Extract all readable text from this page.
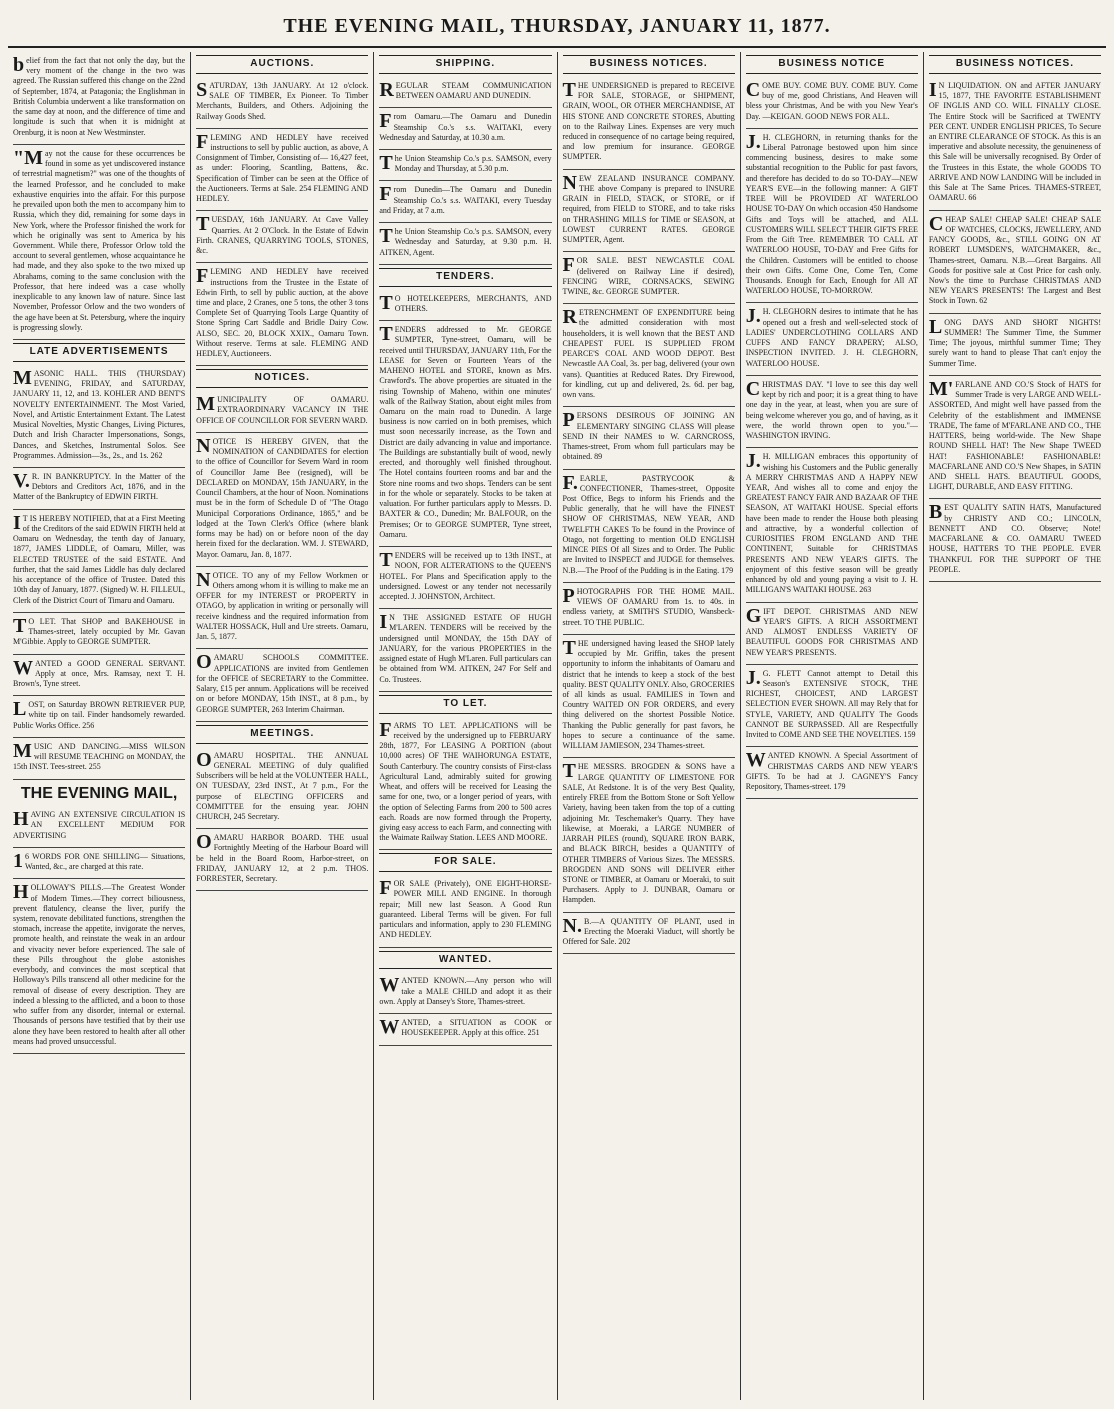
THE EVENING MAIL, THURSDAY, JANUARY 11, 1877.

belief from the fact that not only the day, but the very moment of the change in the two was agreed. The Russian suffered this change on the 22nd of September, 1874, at Patagonia; the Englishman in British Columbia underwent a like transformation on the same day at noon, and the difference of time and longitude is such that when it is midnight at Orenburg, it is noon at New Westminster.

"May not the cause for these occurrences be found in some as yet undiscovered instance of terrestrial magnetism?" was one of the thoughts of the learned Professor, and he concluded to make exhaustive enquiries into the affair. For this purpose he prevailed upon both the men to accompany him to Russia, which they did, remaining for some days in New York, where the Professor finished the work for which he originally was sent to America by his Government. While there, Professor Orlow told the account to several gentlemen, whose acquaintance he had made, and they also spoke to the two mixed up Abrahams, coming to the same conclusion with the Professor, that here indeed was a case wholly inexplicable to any known law of nature. Since last November, Professor Orlow and the two wonders of the age have been at St. Petersburg, where the inquiry is progressing slowly.

LATE ADVERTISEMENTS

MASONIC HALL. THIS (THURSDAY) EVENING, FRIDAY, and SATURDAY, JANUARY 11, 12, and 13. KOHLER AND BENT'S NOVELTY ENTERTAINMENT. The Most Varied, Novel, and Artistic Entertainment Extant. The Latest Musical Novelties, Mystic Changes, Living Pictures, Dutch and Irish Character Impersonations, Songs, Dances, and Sketches, Instrumental Solos. See Programmes. Admission—3s., 2s., and 1s. 262

V.R. IN BANKRUPTCY. In the Matter of the Debtors and Creditors Act, 1876, and in the Matter of the Bankruptcy of EDWIN FIRTH.

IT IS HEREBY NOTIFIED, that at a First Meeting of the Creditors of the said EDWIN FIRTH held at Oamaru on Wednesday, the tenth day of January, 1877, JAMES LIDDLE, of Oamaru, Miller, was ELECTED TRUSTEE of the said ESTATE. And further, that the said James Liddle has duly declared his acceptance of the office of Trustee. Dated this 10th day of January, 1877. (Signed) W. H. FILLEUL, Clerk of the District Court of Timaru and Oamaru.

TO LET. That SHOP and BAKEHOUSE in Thames-street, lately occupied by Mr. Gavan M'Gibbie. Apply to GEORGE SUMPTER.

WANTED a GOOD GENERAL SERVANT. Apply at once, Mrs. Ramsay, next T. H. Brown's, Tyne street.

LOST, on Saturday BROWN RETRIEVER PUP, white tip on tail. Finder handsomely rewarded. Public Works Office. 256

MUSIC AND DANCING.—MISS WILSON will RESUME TEACHING on MONDAY, the 15th INST. Tees-street. 255

THE EVENING MAIL,

HAVING AN EXTENSIVE CIRCULATION IS AN EXCELLENT MEDIUM FOR ADVERTISING

16 WORDS FOR ONE SHILLING— Situations, Wanted, &c., are charged at this rate.

HOLLOWAY'S PILLS.—The Greatest Wonder of Modern Times.—They correct biliousness, prevent flatulency, cleanse the liver, purify the system, renovate debilitated functions, strengthen the stomach, increase the appetite, invigorate the nerves, promote health, and reinstate the weak in an ardour and vivacity never before experienced. The sale of these Pills throughout the globe astonishes everybody, and convinces the most sceptical that Holloway's Pills transcend all other medicine for the removal of disease of every description. They are indeed a blessing to the afflicted, and a boon to those who suffer from any disorder, internal or external. Thousands of persons have testified that by their use alone they have been restored to health after all other means had proved unsuccessful.

AUCTIONS.

SATURDAY, 13th JANUARY. At 12 o'clock. SALE OF TIMBER, Ex Pioneer. To Timber Merchants, Builders, and Others. Adjoining the Railway Goods Shed.

FLEMING AND HEDLEY have received instructions to sell by public auction, as above, A Consignment of Timber, Consisting of— 16,427 feet, as under: Flooring, Scantling, Battens, &c. Specification of Timber can be seen at the Office of the Auctioneers. Terms at Sale. 254 FLEMING AND HEDLEY.

TUESDAY, 16th JANUARY. At Cave Valley Quarries. At 2 O'Clock. In the Estate of Edwin Firth. CRANES, QUARRYING TOOLS, STONES, &c.

FLEMING AND HEDLEY have received instructions from the Trustee in the Estate of Edwin Firth, to sell by public auction, at the above time and place, 2 Cranes, one 5 tons, the other 3 tons Complete Set of Quarrying Tools Large Quantity of Stone Spring Cart Saddle and Bridle Dairy Cow. ALSO, SEC. 20, BLOCK XXIX., Oamaru Town. Without reserve. Terms at sale. FLEMING AND HEDLEY, Auctioneers.

NOTICES.

MUNICIPALITY OF OAMARU. EXTRAORDINARY VACANCY IN THE OFFICE OF COUNCILLOR FOR SEVERN WARD.

NOTICE IS HEREBY GIVEN, that the NOMINATION of CANDIDATES for election to the office of Councillor for Severn Ward in room of Councillor Jame Bee (resigned), will be DECLARED on MONDAY, 15th JANUARY, in the Council Chambers, at the hour of Noon. Nominations must be in the form of Schedule D of "The Otago Municipal Corporations Ordinance, 1865," and be lodged at the Town Clerk's Office (where blank forms may be had) on or before noon of the day herein fixed for the declaration. WM. J. STEWARD, Mayor. Oamaru, Jan. 8, 1877.

NOTICE. TO any of my Fellow Workmen or Others among whom it is willing to make me an OFFER for my INTEREST or PROPERTY in OTAGO, by application in writing or personally will receive kindness and the required information from WALTER HOSSACK, Hull and Ure streets. Oamaru, Jan. 5, 1877.

OAMARU SCHOOLS COMMITTEE. APPLICATIONS are invited from Gentlemen for the OFFICE of SECRETARY to the Committee. Salary, £15 per annum. Applications will be received on or before MONDAY, 15th INST., at 8 p.m., by GEORGE SUMPTER, 263 Interim Chairman.

MEETINGS.

OAMARU HOSPITAL. THE ANNUAL GENERAL MEETING of duly qualified Subscribers will be held at the VOLUNTEER HALL, ON TUESDAY, 23rd INST., At 7 p.m., For the purpose of ELECTING OFFICERS and COMMITTEE for the ensuing year. JOHN CHURCH, 245 Secretary.

OAMARU HARBOR BOARD. THE usual Fortnightly Meeting of the Harbour Board will be held in the Board Room, Harbor-street, on FRIDAY, JANUARY 12, at 2 p.m. THOS. FORRESTER, Secretary.

SHIPPING.

REGULAR STEAM COMMUNICATION BETWEEN OAMARU AND DUNEDIN.

From Oamaru.—The Oamaru and Dunedin Steamship Co.'s s.s. WAITAKI, every Wednesday and Saturday, at 10.30 a.m.

The Union Steamship Co.'s p.s. SAMSON, every Monday and Thursday, at 5.30 p.m.

From Dunedin—The Oamaru and Dunedin Steamship Co.'s s.s. WAITAKI, every Tuesday and Friday, at 7 a.m.

The Union Steamship Co.'s p.s. SAMSON, every Wednesday and Saturday, at 9.30 p.m. H. AITKEN, Agent.

TENDERS.

TO HOTELKEEPERS, MERCHANTS, AND OTHERS.

TENDERS addressed to Mr. GEORGE SUMPTER, Tyne-street, Oamaru, will be received until THURSDAY, JANUARY 11th, For the LEASE for Seven or Fourteen Years of the MAHENO HOTEL and STORE, known as Mrs. Crawford's. The above properties are situated in the rising Township of Maheno, within one minutes' walk of the Railway Station, about eight miles from Oamaru on the main road to Dunedin. A large business is now carried on in both premises, which must soon necessarily increase, as the Town and District are daily advancing in value and importance. The Buildings are substantially built of wood, newly erected, and thoroughly well finished throughout. The Hotel contains fourteen rooms and bar and the Store nine rooms and two shops. Tenders can be sent in for the whole or separately. Stocks to be taken at valuation. For further particulars apply to Messrs. D. BAXTER & CO., Dunedin; Mr. BALFOUR, on the Premises; Or to GEORGE SUMPTER, Tyne street, Oamaru.

TENDERS will be received up to 13th INST., at NOON, FOR ALTERATIONS to the QUEEN'S HOTEL. For Plans and Specification apply to the undersigned. Lowest or any tender not necessarily accepted. J. JOHNSTON, Architect.

IN THE ASSIGNED ESTATE OF HUGH M'LAREN. TENDERS will be received by the undersigned until MONDAY, the 15th DAY of JANUARY, for the various PROPERTIES in the assigned estate of Hugh M'Laren. Full particulars can be obtained from WM. AITKEN, 247 For Self and Co. Trustees.

TO LET.

FARMS TO LET. APPLICATIONS will be received by the undersigned up to FEBRUARY 28th, 1877, For LEASING A PORTION (about 10,000 acres) OF THE WAIHORUNGA ESTATE, South Canterbury. The country consists of First-class Agricultural Land, admirably suited for growing Wheat, and offers will be received for Leasing the same for one, two, or a longer period of years, with the option of Selecting Farms from 200 to 500 acres each. Roads are now formed through the Property, giving easy access to each Farm, and connecting with the Waimate Railway Station. LEES AND MOORE.

FOR SALE.

FOR SALE (Privately), ONE EIGHT-HORSE-POWER MILL AND ENGINE. In thorough repair; Mill new last Season. A Good Run guaranteed. Liberal Terms will be given. For full particulars and information, apply to 230 FLEMING AND HEDLEY.

WANTED.

WANTED KNOWN.—Any person who will take a MALE CHILD and adopt it as their own. Apply at Dansey's Store, Thames-street.

WANTED, a SITUATION as COOK or HOUSEKEEPER. Apply at this office. 251

BUSINESS NOTICES.

THE UNDERSIGNED is prepared to RECEIVE FOR SALE, STORAGE, or SHIPMENT, GRAIN, WOOL, OR OTHER MERCHANDISE, AT HIS STONE AND CONCRETE STORES, Abutting on to the Railway Lines. Expenses are very much reduced in consequence of no cartage being required, and low premium for insurance. GEORGE SUMPTER.

NEW ZEALAND INSURANCE COMPANY. THE above Company is prepared to INSURE GRAIN in FIELD, STACK, or STORE, or if required, from FIELD to STORE, and to take risks on THRASHING MILLS for TIME or SEASON, at LOWEST CURRENT RATES. GEORGE SUMPTER, Agent.

FOR SALE. BEST NEWCASTLE COAL (delivered on Railway Line if desired), FENCING WIRE, CORNSACKS, SEWING TWINE, &c. GEORGE SUMPTER.

RETRENCHMENT OF EXPENDITURE being the admitted consideration with most householders, it is well known that the BEST AND CHEAPEST FUEL IS SUPPLIED FROM PEARCE'S COAL AND WOOD DEPOT. Best Newcastle AA Coal, 3s. per bag, delivered (your own vans). Quantities at Reduced Rates. Dry Firewood, for kindling, cut up and delivered, 2s. 6d. per bag, own vans.

PERSONS DESIROUS OF JOINING AN ELEMENTARY SINGING CLASS Will please SEND IN their NAMES to W. CARNCROSS, Thames-street, From whom full particulars may be obtained. 89

F.EARLE, PASTRYCOOK & CONFECTIONER, Thames-street, Opposite Post Office, Begs to inform his Friends and the Public generally, that he will have the FINEST SHOW OF CHRISTMAS, NEW YEAR, AND TWELFTH CAKES To be found in the Province of Otago, not forgetting to mention OLD ENGLISH MINCE PIES Of all Sizes and to Order. The Public are Invited to INSPECT and JUDGE for themselves. N.B.—The Proof of the Pudding is in the Eating. 179

PHOTOGRAPHS FOR THE HOME MAIL. VIEWS OF OAMARU from 1s. to 40s. in endless variety, at SMITH'S STUDIO, Wansbeck-street. TO THE PUBLIC.

THE undersigned having leased the SHOP lately occupied by Mr. Griffin, takes the present opportunity to inform the inhabitants of Oamaru and district that he intends to keep a stock of the best quality. BEST QUALITY ONLY. Also, GROCERIES of all kinds as usual. FAMILIES in Town and Country WAITED ON FOR ORDERS, and every thing delivered on the shortest Possible Notice. Thanking the Public generally for past favors, he hopes to secure a continuance of the same. WILLIAM JAMIESON, 234 Thames-street.

THE MESSRS. BROGDEN & SONS have a LARGE QUANTITY OF LIMESTONE FOR SALE, At Redstone. It is of the very Best Quality, entirely FREE from the Bottom Stone or Soft Yellow Variety, having been taken from the top of a cutting adjoining Mr. Teschemaker's Quarry. They have likewise, at Moeraki, a LARGE NUMBER of JARRAH PILES (round), SQUARE IRON BARK, and BLACK BIRCH, besides a QUANTITY of OTHER TIMBERS of Various Sizes. The MESSRS. BROGDEN AND SONS will DELIVER either STONE or TIMBER, at Oamaru or Moeraki, to suit Purchasers. Apply to J. DUNBAR, Oamaru or Hampden.

N.B.—A QUANTITY OF PLANT, used in Erecting the Moeraki Viaduct, will shortly be Offered for Sale. 202

BUSINESS NOTICE

COME BUY. COME BUY. COME BUY. Come buy of me, good Christians, And Heaven will bless your Christmas, And be with you New Year's Day. —KEIGAN. GOOD NEWS FOR ALL.

J.H. CLEGHORN, in returning thanks for the Liberal Patronage bestowed upon him since commencing business, desires to make some substantial recognition to the Public for past favors, and therefore has decided to do so TO-DAY—NEW YEAR'S EVE—in the following manner: A GIFT TREE Will be PROVIDED AT WATERLOO HOUSE TO-DAY On which occasion 450 Handsome Gifts and Toys will be attached, and ALL CUSTOMERS WILL SELECT THEIR GIFTS FREE From the Gift Tree. REMEMBER TO CALL AT WATERLOO HOUSE, TO-DAY and Free Gifts for the Children. Customers will be entitled to choose their own Gifts. Come One, Come Ten, Come Thousands. Enough for Each, Enough for All AT WATERLOO HOUSE, TO-MORROW.

J.H. CLEGHORN desires to intimate that he has opened out a fresh and well-selected stock of LADIES' UNDERCLOTHING COLLARS AND CUFFS AND FANCY DRAPERY; ALSO, INSPECTION INVITED. J. H. CLEGHORN, WATERLOO HOUSE.

CHRISTMAS DAY. "I love to see this day well kept by rich and poor; it is a great thing to have one day in the year, at least, when you are sure of being welcome wherever you go, and of having, as it were, the world thrown open to you."—WASHINGTON IRVING.

J.H. MILLIGAN embraces this opportunity of wishing his Customers and the Public generally A MERRY CHRISTMAS AND A HAPPY NEW YEAR, And wishes all to come and enjoy the GREATEST FANCY FAIR AND BAZAAR OF THE SEASON, AT WAITAKI HOUSE. Special efforts have been made to render the House both pleasing and attractive, by a wonderful collection of CURIOSITIES FROM ENGLAND AND THE CONTINENT, Suitable for CHRISTMAS PRESENTS AND NEW YEAR'S GIFTS. The enjoyment of this festive season will be greatly enhanced by old and young paying a visit to J. H. MILLIGAN'S WAITAKI HOUSE. 263

GIFT DEPOT. CHRISTMAS AND NEW YEAR'S GIFTS. A RICH ASSORTMENT AND ALMOST ENDLESS VARIETY OF BEAUTIFUL GOODS FOR CHRISTMAS AND NEW YEAR'S PRESENTS.

J.G. FLETT Cannot attempt to Detail this Season's EXTENSIVE STOCK, THE RICHEST, CHOICEST, AND LARGEST SELECTION EVER SHOWN. All may Rely that for STYLE, VARIETY, AND QUALITY The Goods CANNOT BE SURPASSED. All are Respectfully Invited to COME AND SEE THE NOVELTIES. 159

WANTED KNOWN. A Special Assortment of CHRISTMAS CARDS AND NEW YEAR'S GIFTS. To be had at J. CAGNEY'S Fancy Repository, Thames-street. 179

BUSINESS NOTICES.

IN LIQUIDATION. ON and AFTER JANUARY 15, 1877, THE FAVORITE ESTABLISHMENT OF INGLIS AND CO. WILL FINALLY CLOSE. The Entire Stock will be Sacrificed at TWENTY PER CENT. UNDER ENGLISH PRICES, To Secure an ENTIRE CLEARANCE OF STOCK. As this is an imperative and absolute necessity, the genuineness of this Sale will be universally recognised. By Order of the Trustees in this Estate, the whole GOODS TO ARRIVE AND NOW LANDING Will be included in this Sale at The Same Prices. THAMES-STREET, OAMARU. 66

CHEAP SALE! CHEAP SALE! CHEAP SALE OF WATCHES, CLOCKS, JEWELLERY, AND FANCY GOODS, &c., STILL GOING ON AT ROBERT LUMSDEN'S, WATCHMAKER, &c., Thames-street, Oamaru. N.B.—Great Bargains. All Goods for positive sale at Cost Price for cash only. Now's the time to Purchase CHRISTMAS AND NEW YEAR'S PRESENTS! The Largest and Best Stock in Town. 62

LONG DAYS AND SHORT NIGHTS! SUMMER! The Summer Time, the Summer Time; The joyous, mirthful summer Time; They surely want to hand to please That can't enjoy the Summer Time.

M'FARLANE AND CO.'S Stock of HATS for Summer Trade is very LARGE AND WELL-ASSORTED, And might well have passed from the Celebrity of the establishment and IMMENSE TRADE, The fame of M'FARLANE AND CO., THE HATTERS, being world-wide. The New Shape ROUND SHELL HAT! The New Shape TWEED HAT! FASHIONABLE! FASHIONABLE! MACFARLANE AND CO.'S New Shapes, in SATIN AND SHELL HATS. BEAUTIFUL GOODS, LIGHT, DURABLE, AND EASY FITTING.

BEST QUALITY SATIN HATS, Manufactured by CHRISTY AND CO.; LINCOLN, BENNETT AND CO. Observe; Note! MACFARLANE & CO. OAMARU TWEED HOUSE, HATTERS TO THE PEOPLE. EVER THANKFUL FOR THE SUPPORT OF THE PEOPLE.
